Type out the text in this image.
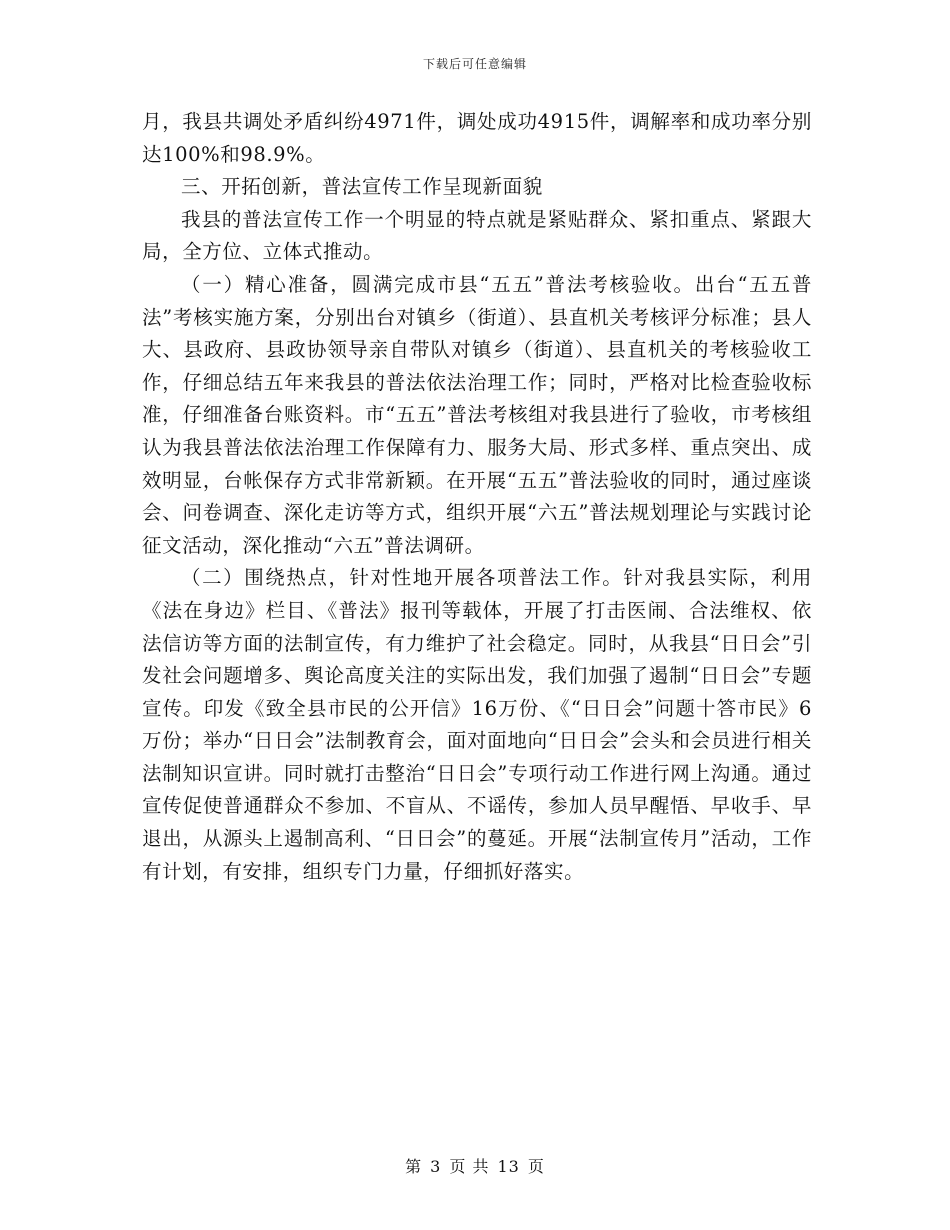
下载后可任意编辑

月，我县共调处矛盾纠纷4971件，调处成功4915件，调解率和成功率分别达100%和98.9%。

三、开拓创新，普法宣传工作呈现新面貌

我县的普法宣传工作一个明显的特点就是紧贴群众、紧扣重点、紧跟大局，全方位、立体式推动。

（一）精心准备，圆满完成市县“五五”普法考核验收。出台“五五普法”考核实施方案，分别出台对镇乡（街道）、县直机关考核评分标准；县人大、县政府、县政协领导亲自带队对镇乡（街道）、县直机关的考核验收工作，仔细总结五年来我县的普法依法治理工作；同时，严格对比检查验收标准，仔细准备台账资料。市“五五”普法考核组对我县进行了验收，市考核组认为我县普法依法治理工作保障有力、服务大局、形式多样、重点突出、成效明显，台帐保存方式非常新颖。在开展“五五”普法验收的同时，通过座谈会、问卷调查、深化走访等方式，组织开展“六五”普法规划理论与实践讨论征文活动，深化推动“六五”普法调研。

（二）围绕热点，针对性地开展各项普法工作。针对我县实际，利用《法在身边》栏目、《普法》报刊等载体，开展了打击医闹、合法维权、依法信访等方面的法制宣传，有力维护了社会稳定。同时，从我县“日日会”引发社会问题增多、舆论高度关注的实际出发，我们加强了遏制“日日会”专题宣传。印发《致全县市民的公开信》16万份、《“日日会”问题十答市民》6万份；举办“日日会”法制教育会，面对面地向“日日会”会头和会员进行相关法制知识宣讲。同时就打击整治“日日会”专项行动工作进行网上沟通。通过宣传促使普通群众不参加、不盲从、不谣传，参加人员早醒悟、早收手、早退出，从源头上遏制高利、“日日会”的蔓延。开展“法制宣传月”活动，工作有计划，有安排，组织专门力量，仔细抓好落实。

第 3 页 共 13 页
